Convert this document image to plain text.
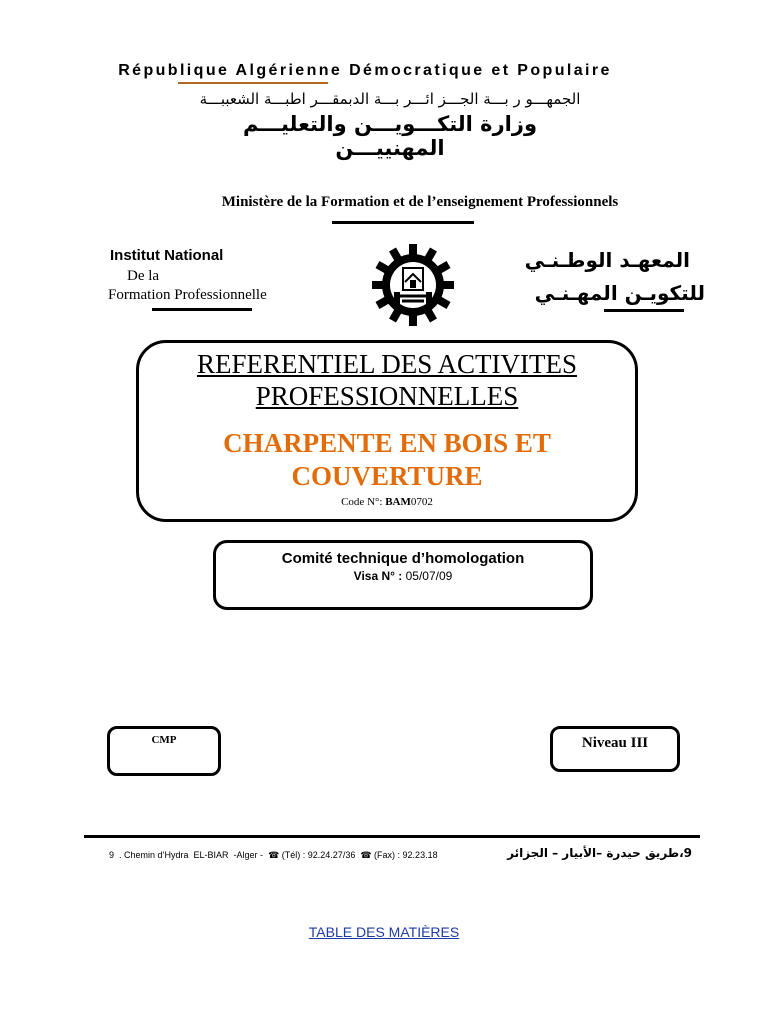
République Algérienne Démocratique et Populaire
الجمهـــو ر بـــة الجـــز ائـــر بـــة الدبمقـــر اطبـــة الشعببـــة
وزارة التكـــويـــن والتعليـــم المهنييـــن
Ministère de la Formation et de l’enseignement Professionnels
Institut National
De la
Formation Professionnelle
المعهـد الوطـنـي
للتكويـن المهـنـي
REFERENTIEL DES ACTIVITES
PROFESSIONNELLES
CHARPENTE EN BOIS ET
COUVERTURE
Code N°: BAM0702
Comité technique d’homologation
Visa N° : 05/07/09
CMP	Niveau III
9  . Chemin d’Hydra  EL-BIAR  -Alger -  ☎ (Tél) : 92.24.27/36  ☎ (Fax) : 92.23.18	9،طريق حيدرة –الأبيار – الجزائر
TABLE DES MATIÈRES
